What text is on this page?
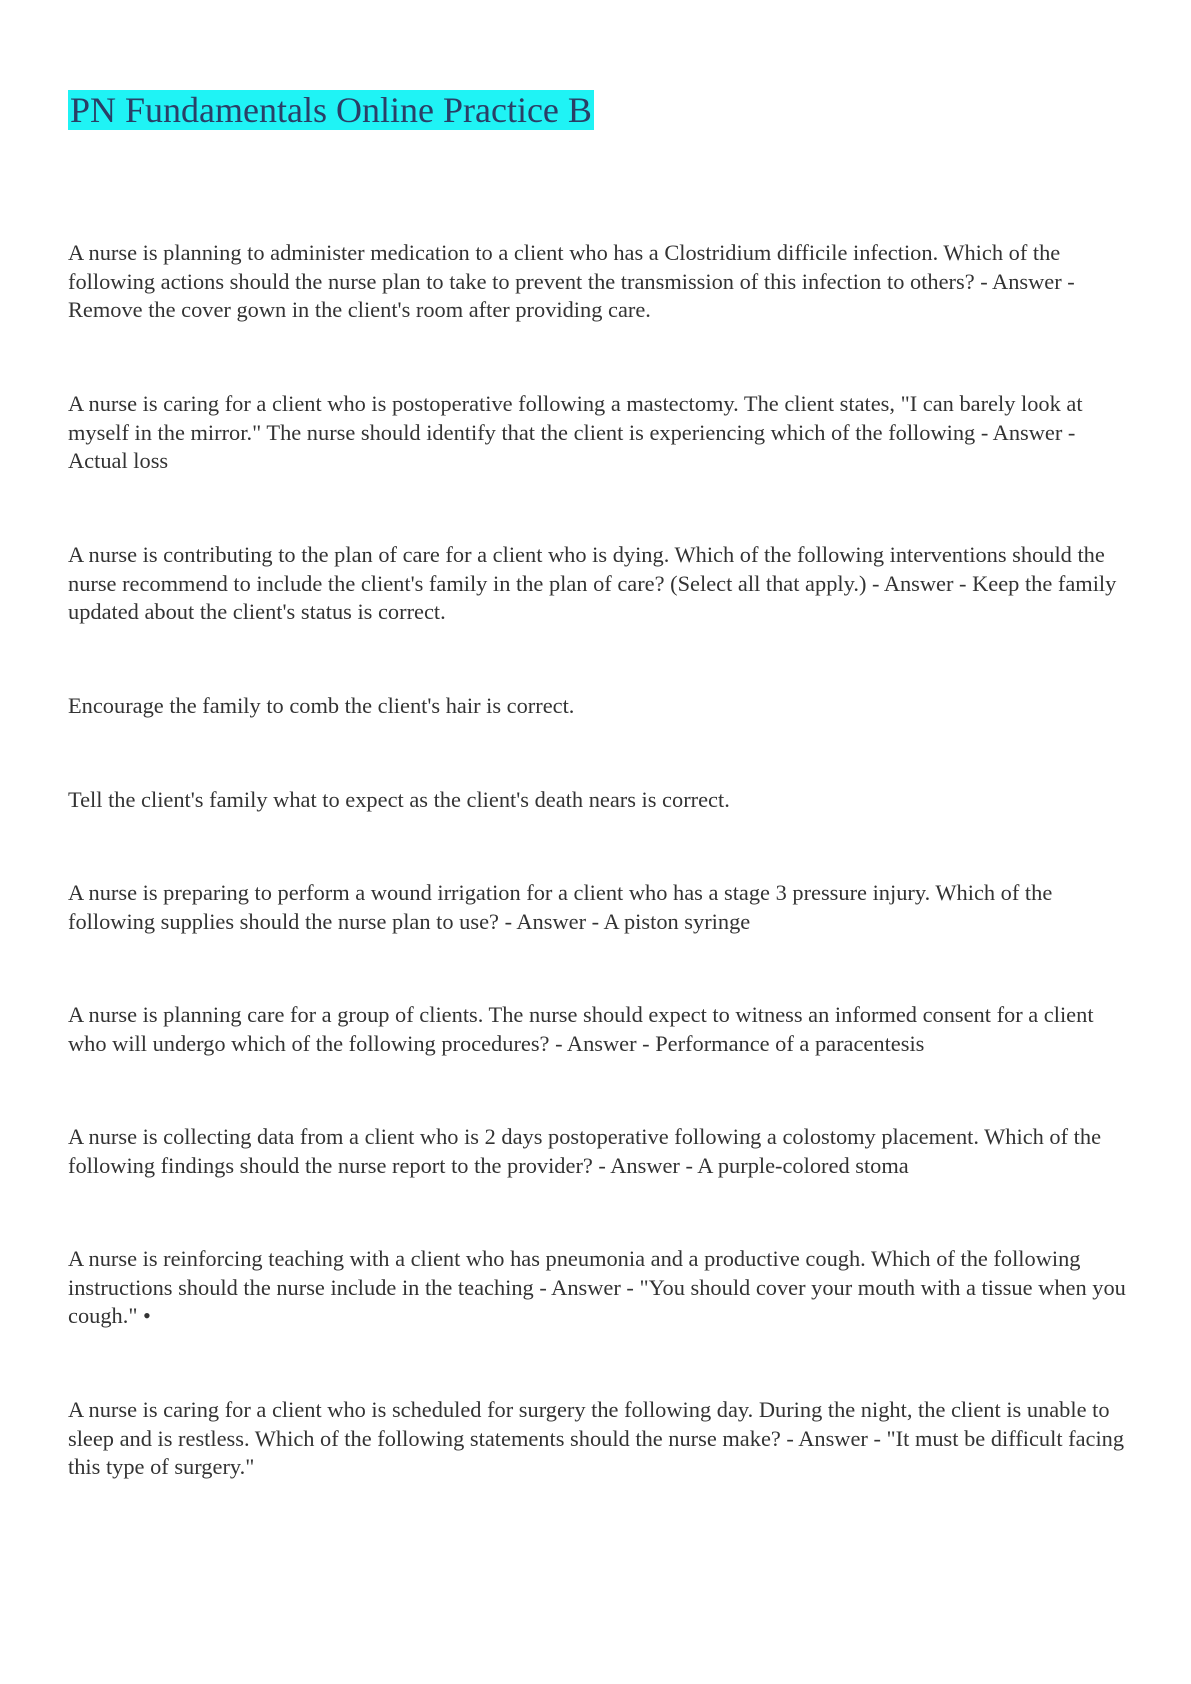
PN Fundamentals Online Practice B
A nurse is planning to administer medication to a client who has a Clostridium difficile infection. Which of the following actions should the nurse plan to take to prevent the transmission of this infection to others? - Answer - Remove the cover gown in the client's room after providing care.
A nurse is caring for a client who is postoperative following a mastectomy. The client states, "I can barely look at myself in the mirror." The nurse should identify that the client is experiencing which of the following - Answer - Actual loss
A nurse is contributing to the plan of care for a client who is dying. Which of the following interventions should the nurse recommend to include the client's family in the plan of care? (Select all that apply.) - Answer - Keep the family updated about the client's status is correct.
Encourage the family to comb the client's hair is correct.
Tell the client's family what to expect as the client's death nears is correct.
A nurse is preparing to perform a wound irrigation for a client who has a stage 3 pressure injury. Which of the following supplies should the nurse plan to use? - Answer - A piston syringe
A nurse is planning care for a group of clients. The nurse should expect to witness an informed consent for a client who will undergo which of the following procedures? - Answer - Performance of a paracentesis
A nurse is collecting data from a client who is 2 days postoperative following a colostomy placement. Which of the following findings should the nurse report to the provider? - Answer - A purple-colored stoma
A nurse is reinforcing teaching with a client who has pneumonia and a productive cough. Which of the following instructions should the nurse include in the teaching - Answer - "You should cover your mouth with a tissue when you cough." •
A nurse is caring for a client who is scheduled for surgery the following day. During the night, the client is unable to sleep and is restless. Which of the following statements should the nurse make? - Answer - "It must be difficult facing this type of surgery."
